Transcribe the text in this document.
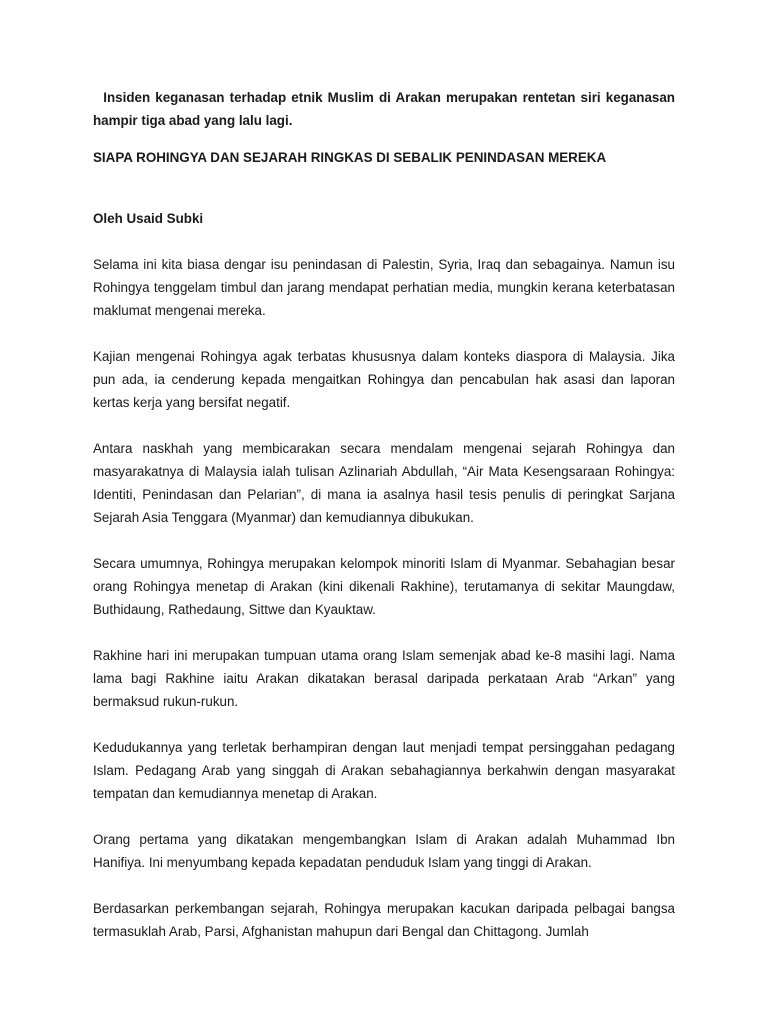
Insiden keganasan terhadap etnik Muslim di Arakan merupakan rentetan siri keganasan hampir tiga abad yang lalu lagi.

SIAPA ROHINGYA DAN SEJARAH RINGKAS DI SEBALIK PENINDASAN MEREKA

Oleh Usaid Subki

Selama ini kita biasa dengar isu penindasan di Palestin, Syria, Iraq dan sebagainya. Namun isu Rohingya tenggelam timbul dan jarang mendapat perhatian media, mungkin kerana keterbatasan maklumat mengenai mereka.

Kajian mengenai Rohingya agak terbatas khususnya dalam konteks diaspora di Malaysia. Jika pun ada, ia cenderung kepada mengaitkan Rohingya dan pencabulan hak asasi dan laporan kertas kerja yang bersifat negatif.

Antara naskhah yang membicarakan secara mendalam mengenai sejarah Rohingya dan masyarakatnya di Malaysia ialah tulisan Azlinariah Abdullah, “Air Mata Kesengsaraan Rohingya: Identiti, Penindasan dan Pelarian”, di mana ia asalnya hasil tesis penulis di peringkat Sarjana Sejarah Asia Tenggara (Myanmar) dan kemudiannya dibukukan.

Secara umumnya, Rohingya merupakan kelompok minoriti Islam di Myanmar. Sebahagian besar orang Rohingya menetap di Arakan (kini dikenali Rakhine), terutamanya di sekitar Maungdaw, Buthidaung, Rathedaung, Sittwe dan Kyauktaw.

Rakhine hari ini merupakan tumpuan utama orang Islam semenjak abad ke-8 masihi lagi. Nama lama bagi Rakhine iaitu Arakan dikatakan berasal daripada perkataan Arab “Arkan” yang bermaksud rukun-rukun.

Kedudukannya yang terletak berhampiran dengan laut menjadi tempat persinggahan pedagang Islam. Pedagang Arab yang singgah di Arakan sebahagiannya berkahwin dengan masyarakat tempatan dan kemudiannya menetap di Arakan.

Orang pertama yang dikatakan mengembangkan Islam di Arakan adalah Muhammad Ibn Hanifiya. Ini menyumbang kepada kepadatan penduduk Islam yang tinggi di Arakan.

Berdasarkan perkembangan sejarah, Rohingya merupakan kacukan daripada pelbagai bangsa termasuklah Arab, Parsi, Afghanistan mahupun dari Bengal dan Chittagong. Jumlah
